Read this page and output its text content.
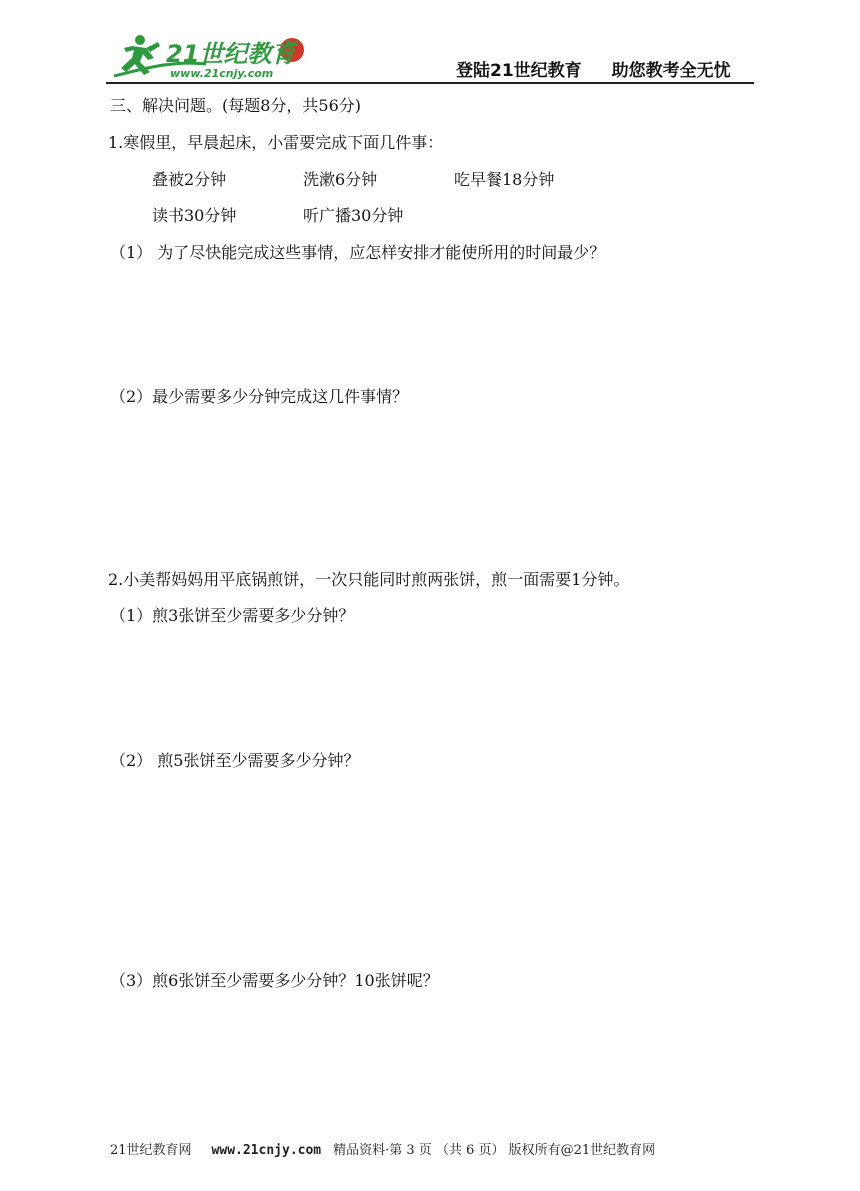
21世纪教育
www.21cnjy.com	登陆21世纪教育 助您教考全无忧
三、解决问题。(每题8分，共56分)
1.寒假里，早晨起床，小雷要完成下面几件事：
叠被2分钟	洗漱6分钟	吃早餐18分钟
读书30分钟	听广播30分钟
（1） 为了尽快能完成这些事情，应怎样安排才能使所用的时间最少？
（2）最少需要多少分钟完成这几件事情？
2.小美帮妈妈用平底锅煎饼，一次只能同时煎两张饼，煎一面需要1分钟。
（1）煎3张饼至少需要多少分钟？
（2） 煎5张饼至少需要多少分钟？
（3）煎6张饼至少需要多少分钟？10张饼呢？
21世纪教育网 www.21cnjy.com 精品资料·第 3 页 （共 6 页） 版权所有@21世纪教育网
